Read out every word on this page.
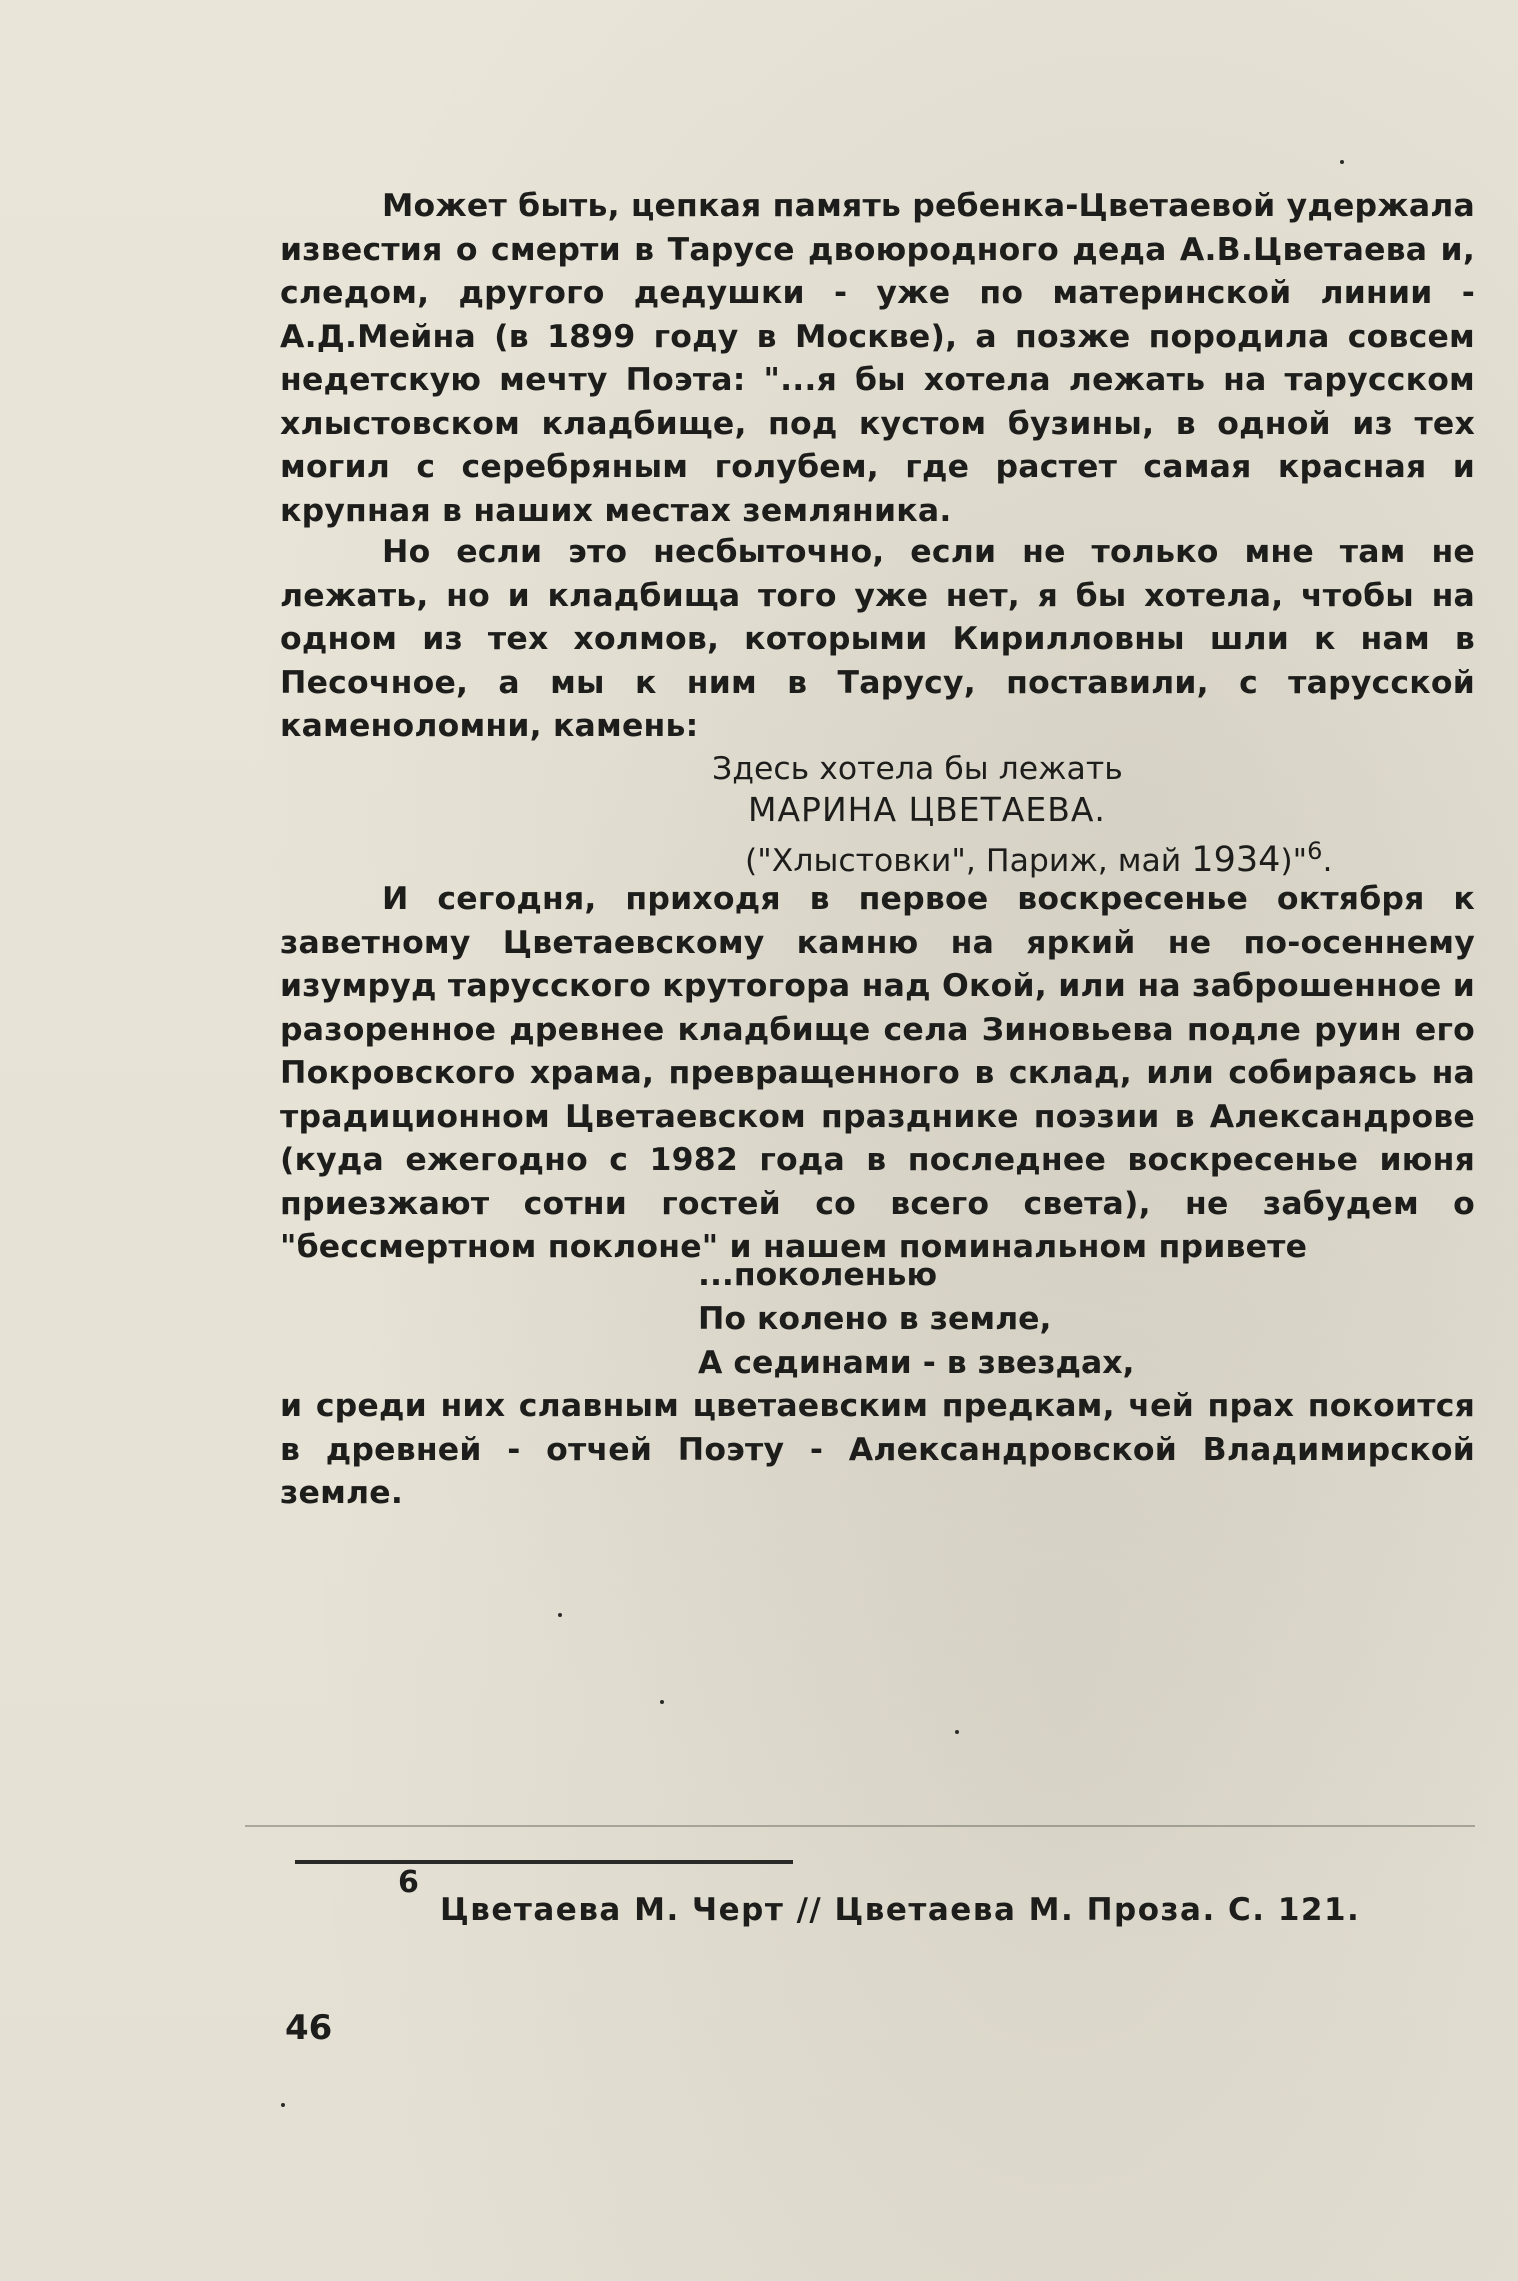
Может быть, цепкая память ребенка-Цветаевой удержала известия о смерти в Тарусе двоюродного деда А.В.Цветаева и, следом, другого дедушки - уже по материнской линии - А.Д.Мейна (в 1899 году в Москве), а позже породила совсем недетскую мечту Поэта: "...я бы хотела лежать на тарусском хлыстовском кладбище, под кустом бузины, в одной из тех могил с серебряным голубем, где растет самая красная и крупная в наших местах земляника.

Но если это несбыточно, если не только мне там не лежать, но и кладбища того уже нет, я бы хотела, чтобы на одном из тех холмов, которыми Кирилловны шли к нам в Песочное, а мы к ним в Тарусу, поставили, с тарусской каменоломни, камень:

Здесь хотела бы лежать
МАРИНА ЦВЕТАЕВА.
("Хлыстовки", Париж, май 1934)"$^6$.

И сегодня, приходя в первое воскресенье октября к заветному Цветаевскому камню на яркий не по-осеннему изумруд тарусского крутогора над Окой, или на заброшенное и разоренное древнее кладбище села Зиновьева подле руин его Покровского храма, превращенного в склад, или собираясь на традиционном Цветаевском празднике поэзии в Александрове (куда ежегодно с 1982 года в последнее воскресенье июня приезжают сотни гостей со всего света), не забудем о "бессмертном поклоне" и нашем поминальном привете

...поколенью
По колено в земле,
А сединами - в звездах,

и среди них славным цветаевским предкам, чей прах покоится в древней - отчей Поэту - Александровской Владимирской земле.

6
Цветаева М. Черт // Цветаева М. Проза. С. 121.
46
